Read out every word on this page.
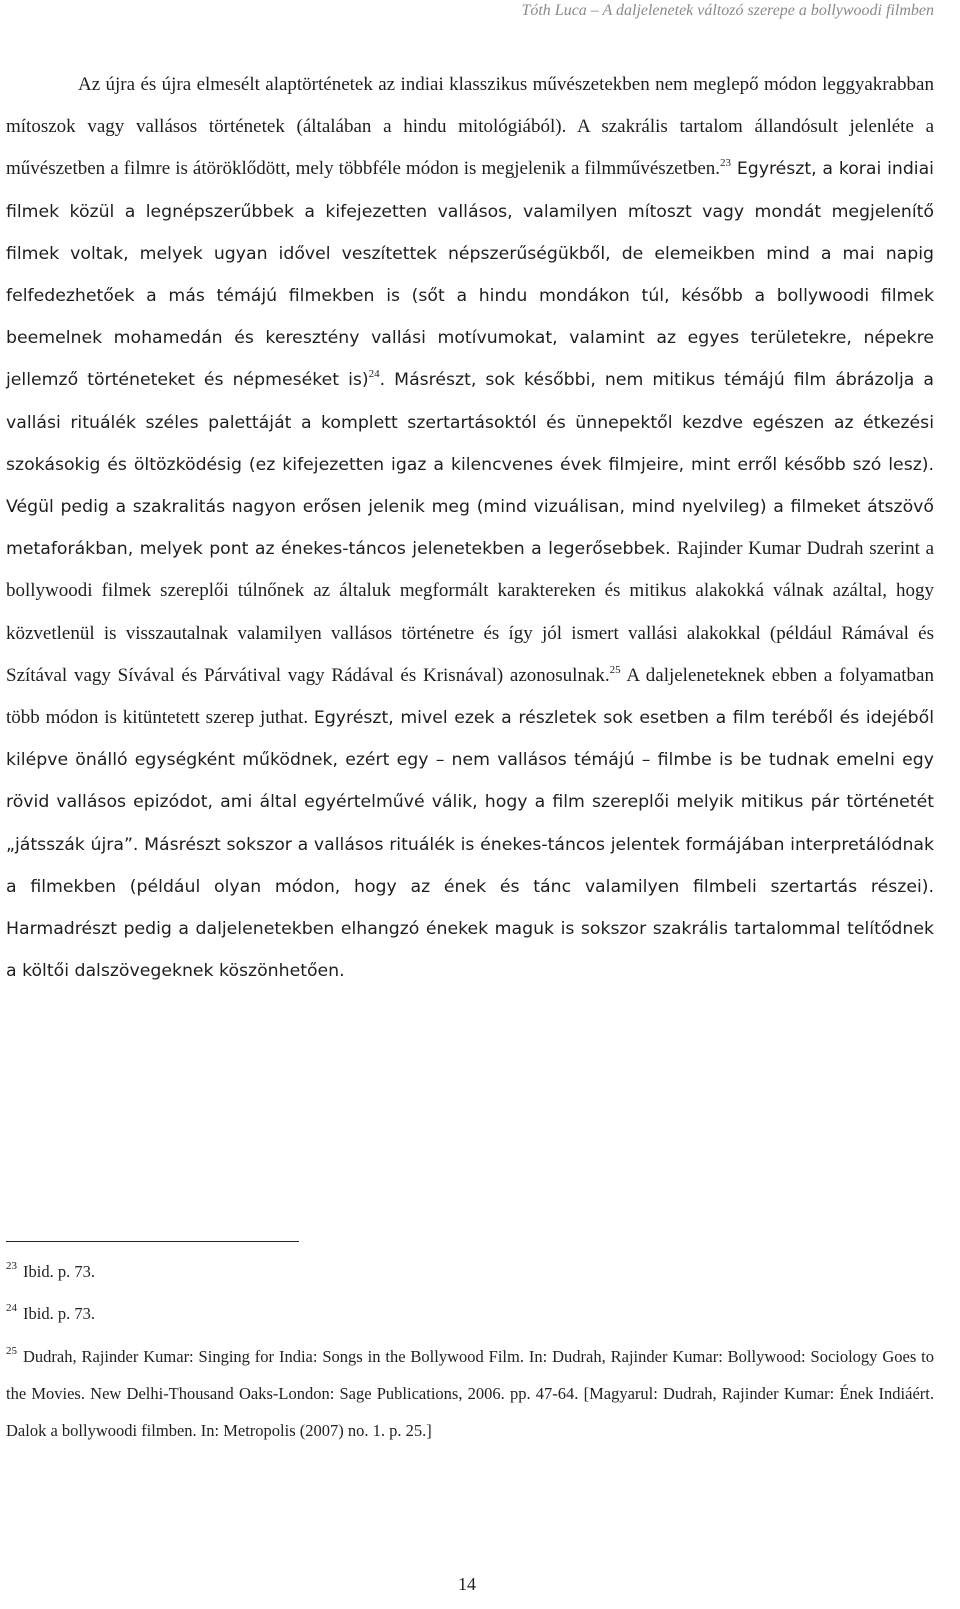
Tóth Luca – A daljelenetek változó szerepe a bollywoodi filmben

Az újra és újra elmesélt alaptörténetek az indiai klasszikus művészetekben nem meglepő módon leggyakrabban mítoszok vagy vallásos történetek (általában a hindu mitológiából). A szakrális tartalom állandósult jelenléte a művészetben a filmre is átöröklődött, mely többféle módon is megjelenik a filmművészetben.$^{23}$ Egyrészt, a korai indiai filmek közül a legnépszerűbbek a kifejezetten vallásos, valamilyen mítoszt vagy mondát megjelenítő filmek voltak, melyek ugyan idővel veszítettek népszerűségükből, de elemeikben mind a mai napig felfedezhetőek a más témájú filmekben is (sőt a hindu mondákon túl, később a bollywoodi filmek beemelnek mohamedán és keresztény vallási motívumokat, valamint az egyes területekre, népekre jellemző történeteket és népmeséket is)$^{24}$. Másrészt, sok későbbi, nem mitikus témájú film ábrázolja a vallási rituálék széles palettáját a komplett szertartásoktól és ünnepektől kezdve egészen az étkezési szokásokig és öltözködésig (ez kifejezetten igaz a kilencvenes évek filmjeire, mint erről később szó lesz). Végül pedig a szakralitás nagyon erősen jelenik meg (mind vizuálisan, mind nyelvileg) a filmeket átszövő metaforákban, melyek pont az énekes-táncos jelenetekben a legerősebbek. Rajinder Kumar Dudrah szerint a bollywoodi filmek szereplői túlnőnek az általuk megformált karaktereken és mitikus alakokká válnak azáltal, hogy közvetlenül is visszautalnak valamilyen vallásos történetre és így jól ismert vallási alakokkal (például Rámával és Szítával vagy Sívával és Párvátival vagy Rádával és Krisnával) azonosulnak.$^{25}$ A daljeleneteknek ebben a folyamatban több módon is kitüntetett szerep juthat. Egyrészt, mivel ezek a részletek sok esetben a film teréből és idejéből kilépve önálló egységként működnek, ezért egy – nem vallásos témájú – filmbe is be tudnak emelni egy rövid vallásos epizódot, ami által egyértelművé válik, hogy a film szereplői melyik mitikus pár történetét „játsszák újra”. Másrészt sokszor a vallásos rituálék is énekes-táncos jelentek formájában interpretálódnak a filmekben (például olyan módon, hogy az ének és tánc valamilyen filmbeli szertartás részei). Harmadrészt pedig a daljelenetekben elhangzó énekek maguk is sokszor szakrális tartalommal telítődnek a költői dalszövegeknek köszönhetően.

$^{23}$ Ibid. p. 73.

$^{24}$ Ibid. p. 73.

$^{25}$ Dudrah, Rajinder Kumar: Singing for India: Songs in the Bollywood Film. In: Dudrah, Rajinder Kumar: Bollywood: Sociology Goes to the Movies. New Delhi-Thousand Oaks-London: Sage Publications, 2006. pp. 47-64. [Magyarul: Dudrah, Rajinder Kumar: Ének Indiáért. Dalok a bollywoodi filmben. In: Metropolis (2007) no. 1. p. 25.]

14
